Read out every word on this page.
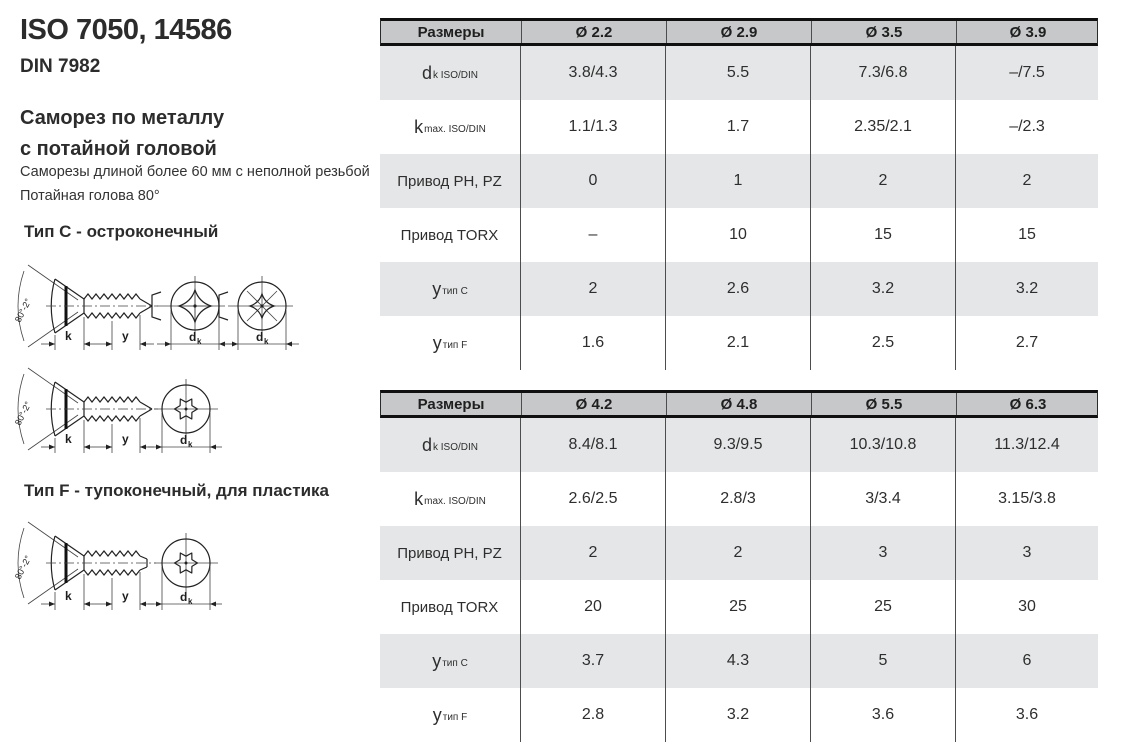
ISO 7050, 14586
DIN 7982
Саморез по металлу
с потайной головой
Саморезы длиной более 60 мм с неполной резьбой
Потайная голова 80°
Тип C - остроконечный
80°-2°
k	y	d k	d k
80°-2°
k	y	d k
Тип F - тупоконечный, для пластика
80°-2°
k	y	d k
Размеры	Ø 2.2	Ø 2.9	Ø 3.5	Ø 3.9
$d_{k ISO/DIN}$	3.8/4.3	5.5	7.3/6.8	–/7.5
$k_{max. ISO/DIN}$	1.1/1.3	1.7	2.35/2.1	–/2.3
Привод PH, PZ	0	1	2	2
Привод TORX	–	10	15	15
$y_{тип C}$	2	2.6	3.2	3.2
$y_{тип F}$	1.6	2.1	2.5	2.7
Размеры	Ø 4.2	Ø 4.8	Ø 5.5	Ø 6.3
$d_{k ISO/DIN}$	8.4/8.1	9.3/9.5	10.3/10.8	11.3/12.4
$k_{max. ISO/DIN}$	2.6/2.5	2.8/3	3/3.4	3.15/3.8
Привод PH, PZ	2	2	3	3
Привод TORX	20	25	25	30
$y_{тип C}$	3.7	4.3	5	6
$y_{тип F}$	2.8	3.2	3.6	3.6
